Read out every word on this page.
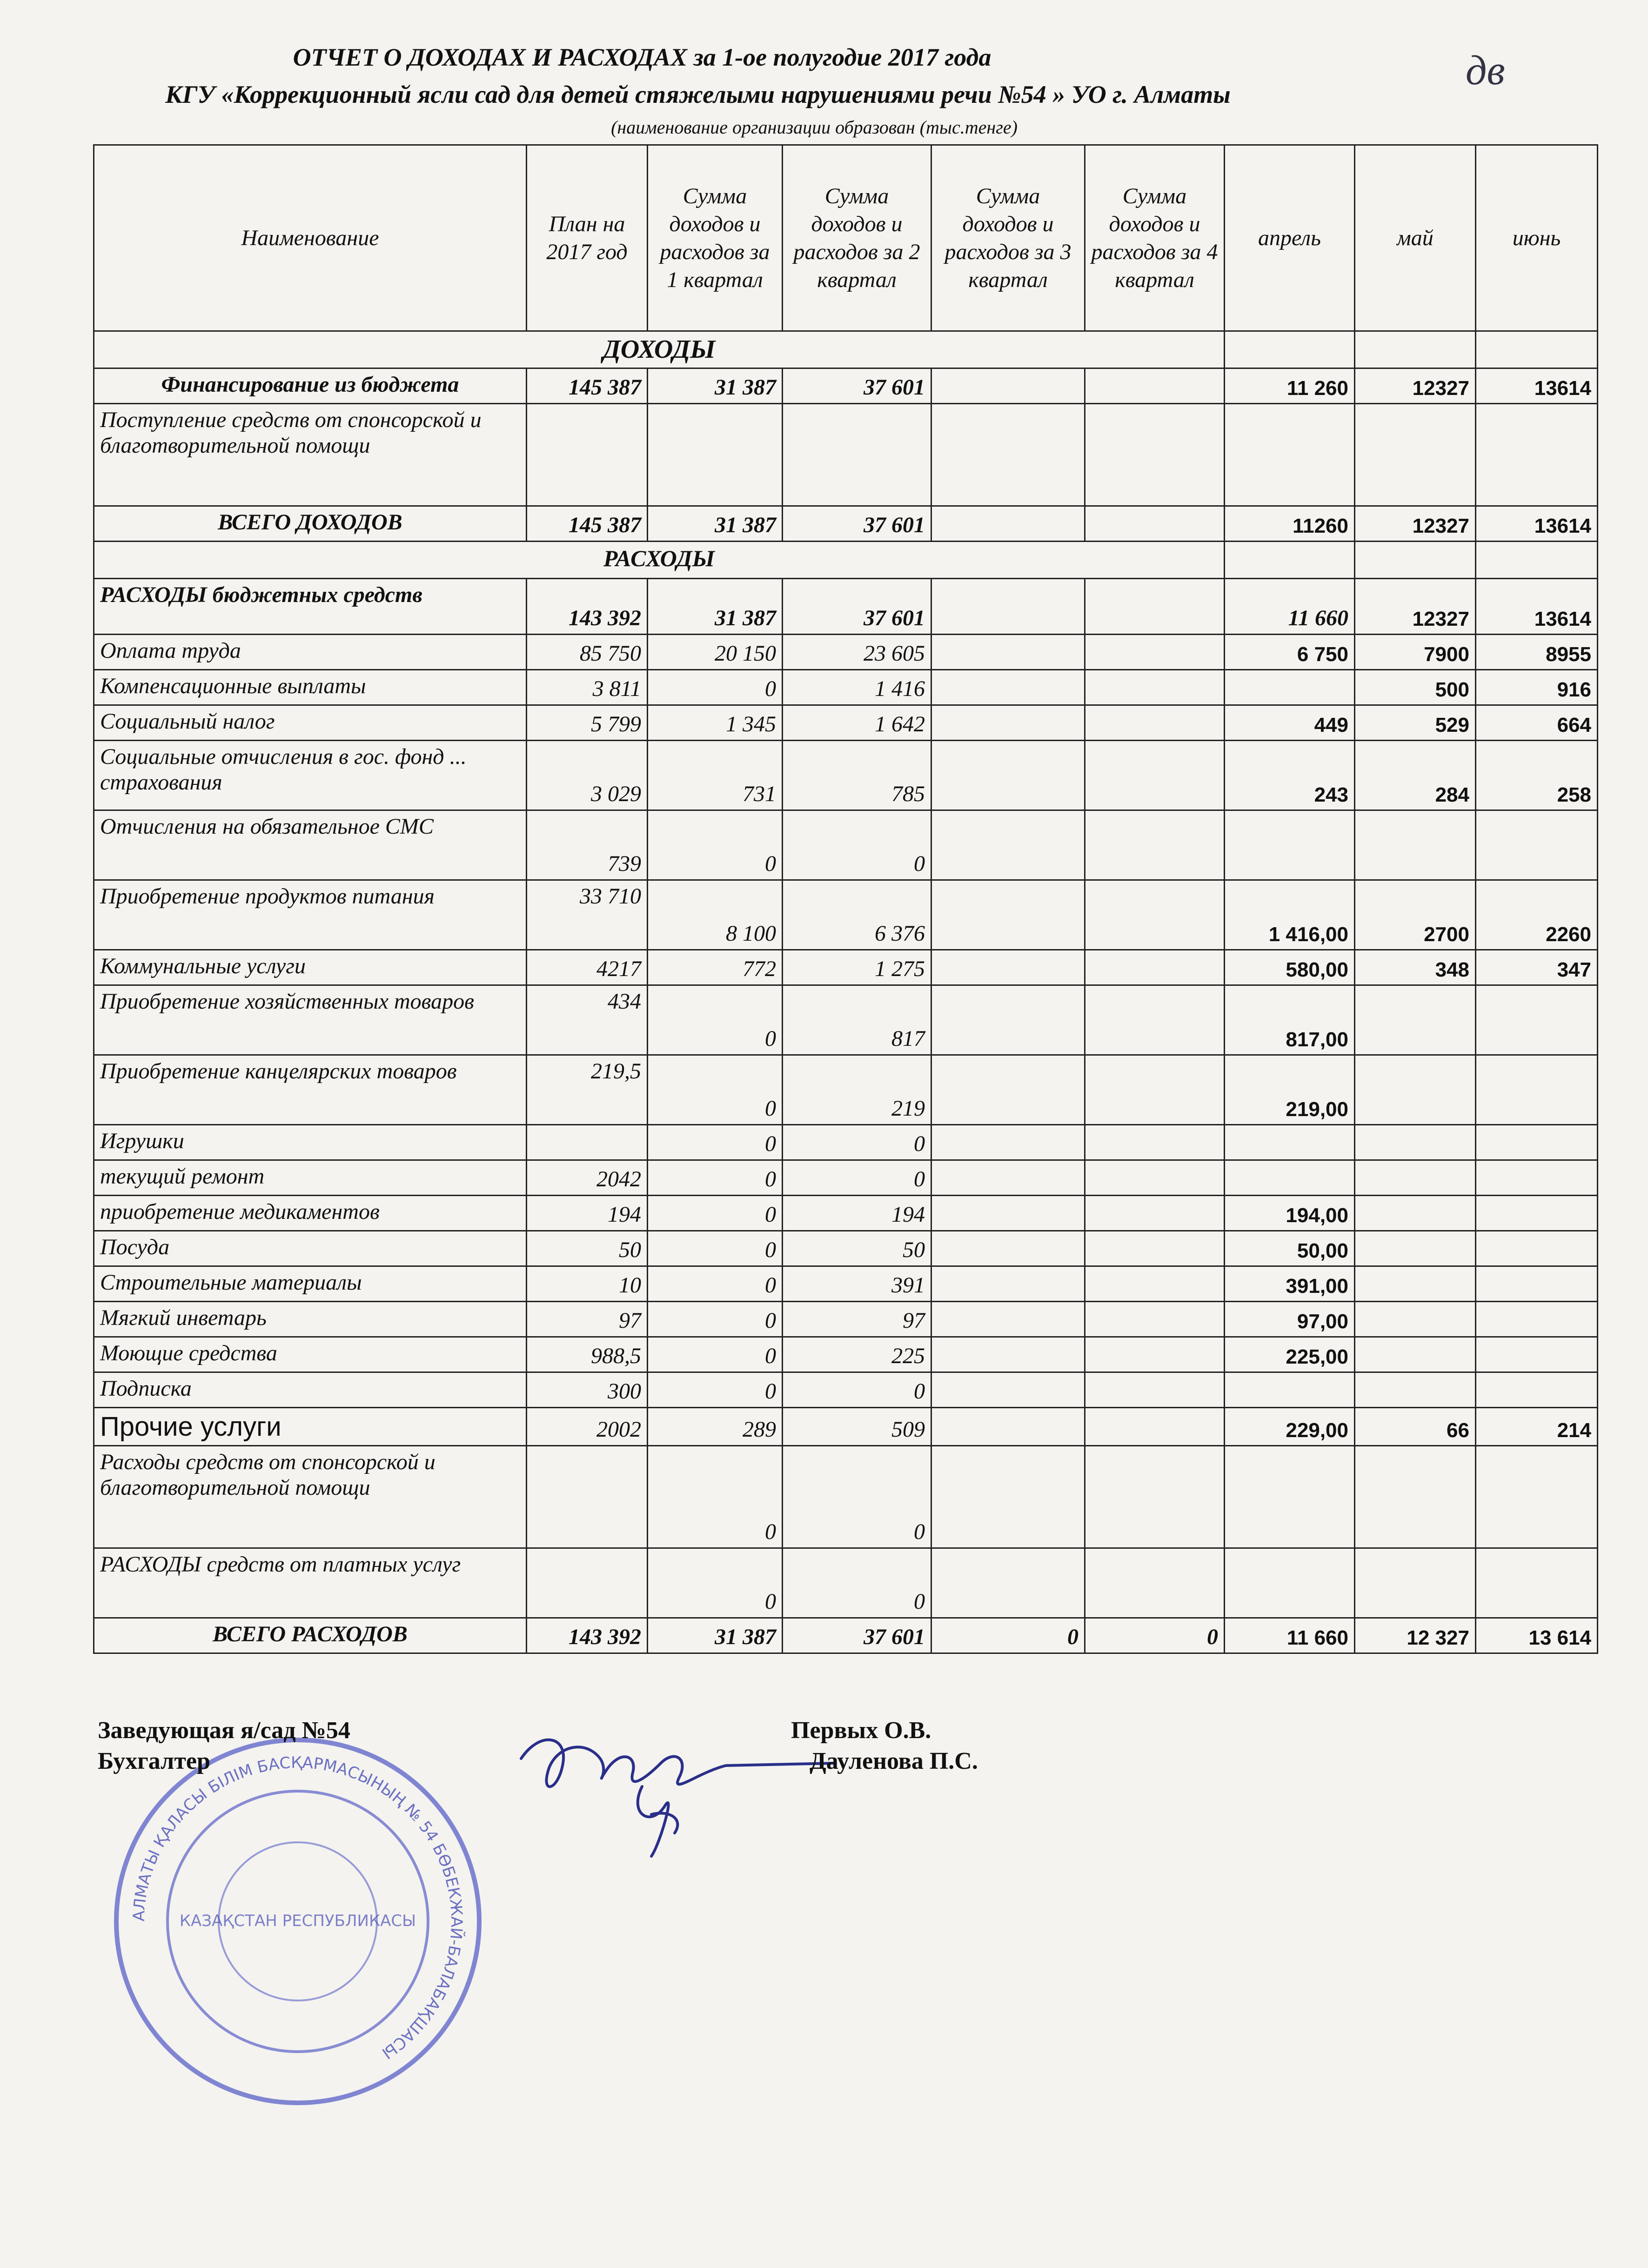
ОТЧЕТ О ДОХОДАХ И РАСХОДАХ за 1-ое полугодие 2017 года
КГУ «Коррекционный ясли сад для детей стяжелыми нарушениями речи №54 » УО г. Алматы
(наименование организации образован (тыс.тенге)
дв
Наименование	План на 2017 год	Сумма доходов и расходов за 1 квартал	Сумма доходов и расходов за 2 квартал	Сумма доходов и расходов за 3 квартал	Сумма доходов и расходов за 4 квартал	апрель	май	июнь
ДОХОДЫ								
Финансирование из бюджета	145 387	31 387	37 601			11 260	12327	13614
Поступление средств от спонсорской и благотворительной помощи								
ВСЕГО ДОХОДОВ	145 387	31 387	37 601			11260	12327	13614
РАСХОДЫ								
РАСХОДЫ бюджетных средств	143 392	31 387	37 601			11 660	12327	13614
Оплата труда	85 750	20 150	23 605			6 750	7900	8955
Компенсационные выплаты	3 811	0	1 416				500	916
Социальный налог	5 799	1 345	1 642			449	529	664
Социальные отчисления в гос. фонд ... страхования	3 029	731	785			243	284	258
Отчисления на обязательное СМС	739	0	0					
Приобретение продуктов питания	33 710	8 100	6 376			1 416,00	2700	2260
Коммунальные услуги	4217	772	1 275			580,00	348	347
Приобретение хозяйственных товаров	434	0	817			817,00		
Приобретение канцелярских товаров	219,5	0	219			219,00		
Игрушки		0	0					
текущий ремонт	2042	0	0					
приобретение медикаментов	194	0	194			194,00		
Посуда	50	0	50			50,00		
Строительные материалы	10	0	391			391,00		
Мягкий инветарь	97	0	97			97,00		
Моющие средства	988,5	0	225			225,00		
Подписка	300	0	0					
Прочие услуги	2002	289	509			229,00	66	214
Расходы средств от спонсорской и благотворительной помощи		0	0					
РАСХОДЫ средств от платных услуг		0	0					
ВСЕГО РАСХОДОВ	143 392	31 387	37 601	0	0	11 660	12 327	13 614
АЛМАТЫ ҚАЛАСЫ БІЛІМ БАСҚАРМАСЫНЫҢ № 54 БӨБЕКЖАЙ-БАЛАБАҚШАСЫ
КАЗАҚСТАН РЕСПУБЛИКАСЫ
Заведующая я/сад №54	Первых О.В.
Бухгалтер	Дауленова П.С.
